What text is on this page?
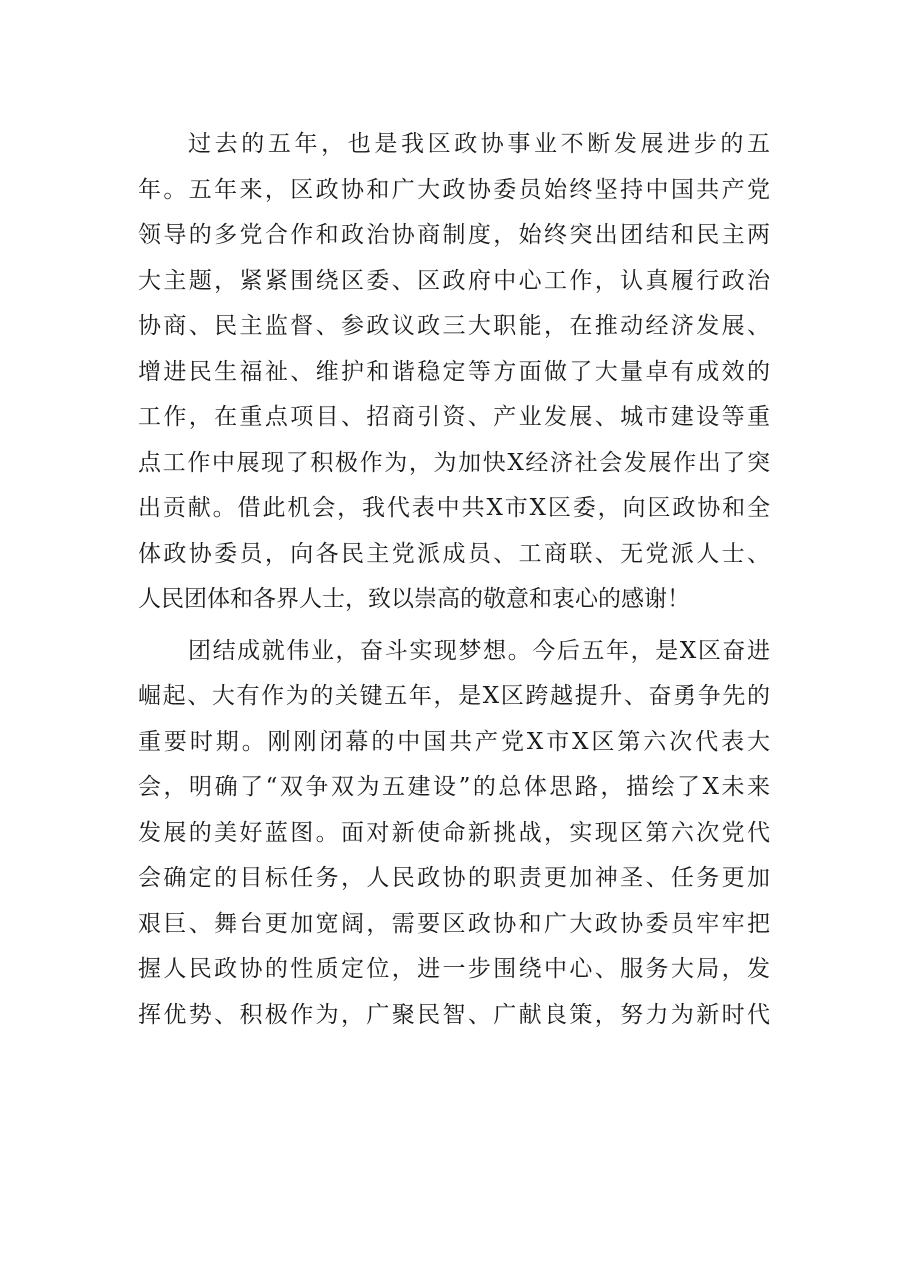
过去的五年，也是我区政协事业不断发展进步的五
年。五年来，区政协和广大政协委员始终坚持中国共产党
领导的多党合作和政治协商制度，始终突出团结和民主两
大主题，紧紧围绕区委、区政府中心工作，认真履行政治
协商、民主监督、参政议政三大职能，在推动经济发展、
增进民生福祉、维护和谐稳定等方面做了大量卓有成效的
工作，在重点项目、招商引资、产业发展、城市建设等重
点工作中展现了积极作为，为加快X经济社会发展作出了突
出贡献。借此机会，我代表中共X市X区委，向区政协和全
体政协委员，向各民主党派成员、工商联、无党派人士、
人民团体和各界人士，致以崇高的敬意和衷心的感谢！
团结成就伟业，奋斗实现梦想。今后五年，是X区奋进
崛起、大有作为的关键五年，是X区跨越提升、奋勇争先的
重要时期。刚刚闭幕的中国共产党X市X区第六次代表大
会，明确了“双争双为五建设”的总体思路，描绘了X未来
发展的美好蓝图。面对新使命新挑战，实现区第六次党代
会确定的目标任务，人民政协的职责更加神圣、任务更加
艰巨、舞台更加宽阔，需要区政协和广大政协委员牢牢把
握人民政协的性质定位，进一步围绕中心、服务大局，发
挥优势、积极作为，广聚民智、广献良策，努力为新时代
